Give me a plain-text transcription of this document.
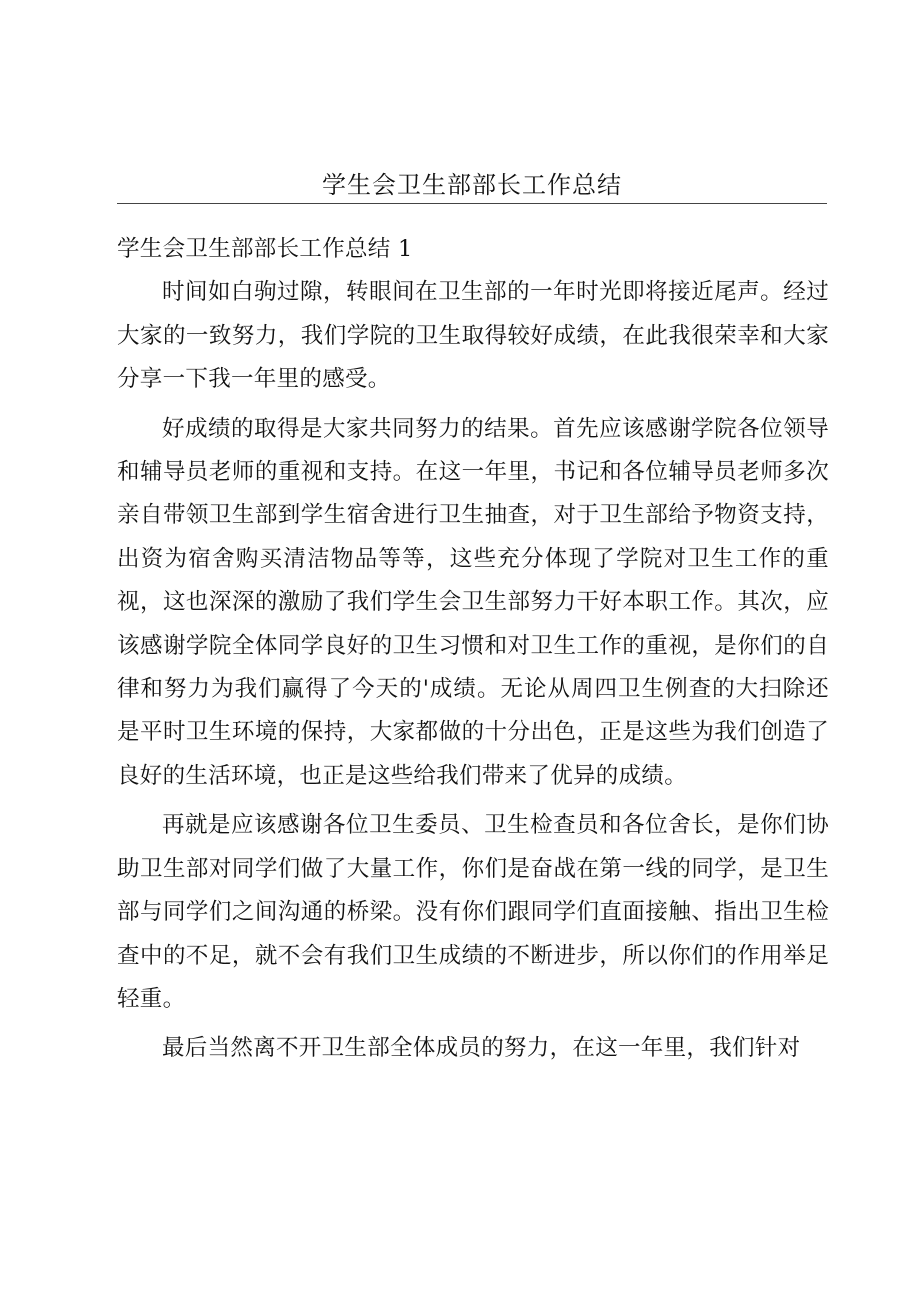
学生会卫生部部长工作总结

学生会卫生部部长工作总结 1

时间如白驹过隙，转眼间在卫生部的一年时光即将接近尾声。经过大家的一致努力，我们学院的卫生取得较好成绩，在此我很荣幸和大家分享一下我一年里的感受。

好成绩的取得是大家共同努力的结果。首先应该感谢学院各位领导和辅导员老师的重视和支持。在这一年里，书记和各位辅导员老师多次亲自带领卫生部到学生宿舍进行卫生抽查，对于卫生部给予物资支持，出资为宿舍购买清洁物品等等，这些充分体现了学院对卫生工作的重视，这也深深的激励了我们学生会卫生部努力干好本职工作。其次，应该感谢学院全体同学良好的卫生习惯和对卫生工作的重视，是你们的自律和努力为我们赢得了今天的'成绩。无论从周四卫生例查的大扫除还是平时卫生环境的保持，大家都做的十分出色，正是这些为我们创造了良好的生活环境，也正是这些给我们带来了优异的成绩。

再就是应该感谢各位卫生委员、卫生检查员和各位舍长，是你们协助卫生部对同学们做了大量工作，你们是奋战在第一线的同学，是卫生部与同学们之间沟通的桥梁。没有你们跟同学们直面接触、指出卫生检查中的不足，就不会有我们卫生成绩的不断进步，所以你们的作用举足轻重。

最后当然离不开卫生部全体成员的努力，在这一年里，我们针对
